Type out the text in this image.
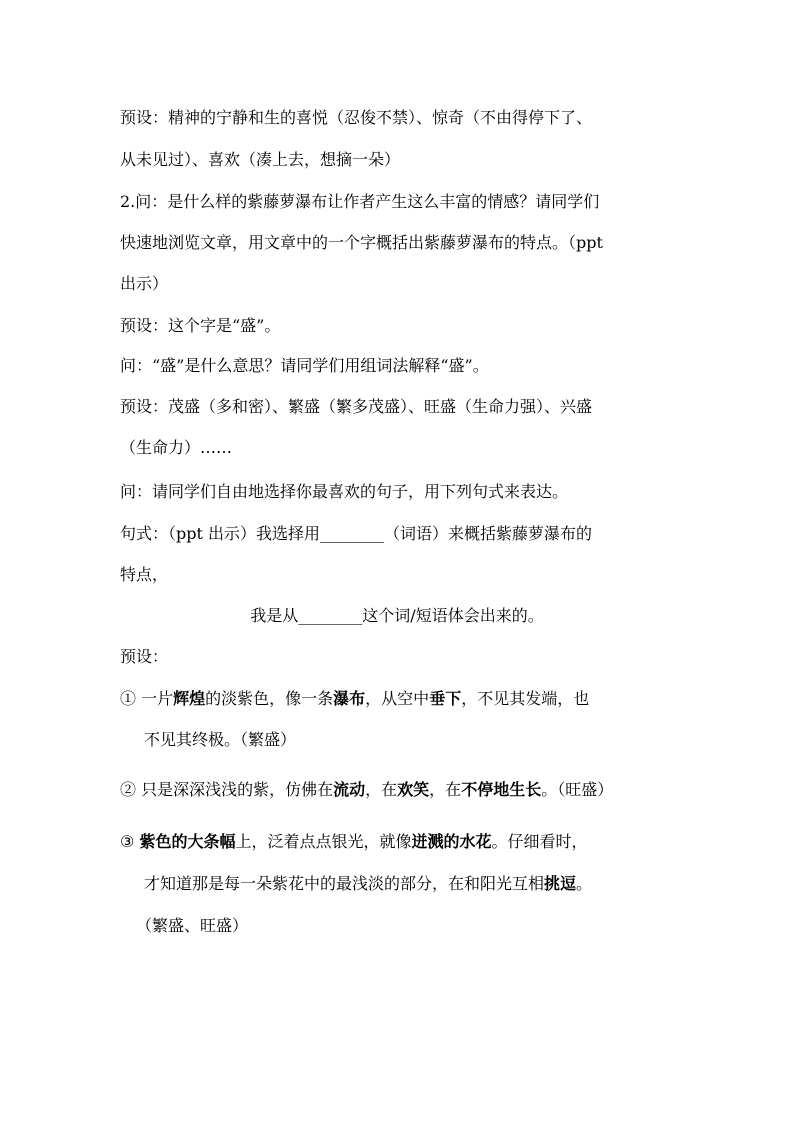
预设：精神的宁静和生的喜悦（忍俊不禁）、惊奇（不由得停下了、
从未见过）、喜欢（凑上去，想摘一朵）
2.问：是什么样的紫藤萝瀑布让作者产生这么丰富的情感？请同学们
快速地浏览文章，用文章中的一个字概括出紫藤萝瀑布的特点。（ppt
出示）
预设：这个字是“盛”。
问：“盛”是什么意思？请同学们用组词法解释“盛”。
预设：茂盛（多和密）、繁盛（繁多茂盛）、旺盛（生命力强）、兴盛
（生命力）……
问：请同学们自由地选择你最喜欢的句子，用下列句式来表达。
句式：（ppt 出示）我选择用________（词语）来概括紫藤萝瀑布的
特点，
我是从________这个词/短语体会出来的。
预设：
① 一片辉煌的淡紫色，像一条瀑布，从空中垂下，不见其发端，也
不见其终极。（繁盛）
② 只是深深浅浅的紫，仿佛在流动，在欢笑，在不停地生长。（旺盛）
③ 紫色的大条幅上，泛着点点银光，就像迸溅的水花。仔细看时，
才知道那是每一朵紫花中的最浅淡的部分，在和阳光互相挑逗。
（繁盛、旺盛）
